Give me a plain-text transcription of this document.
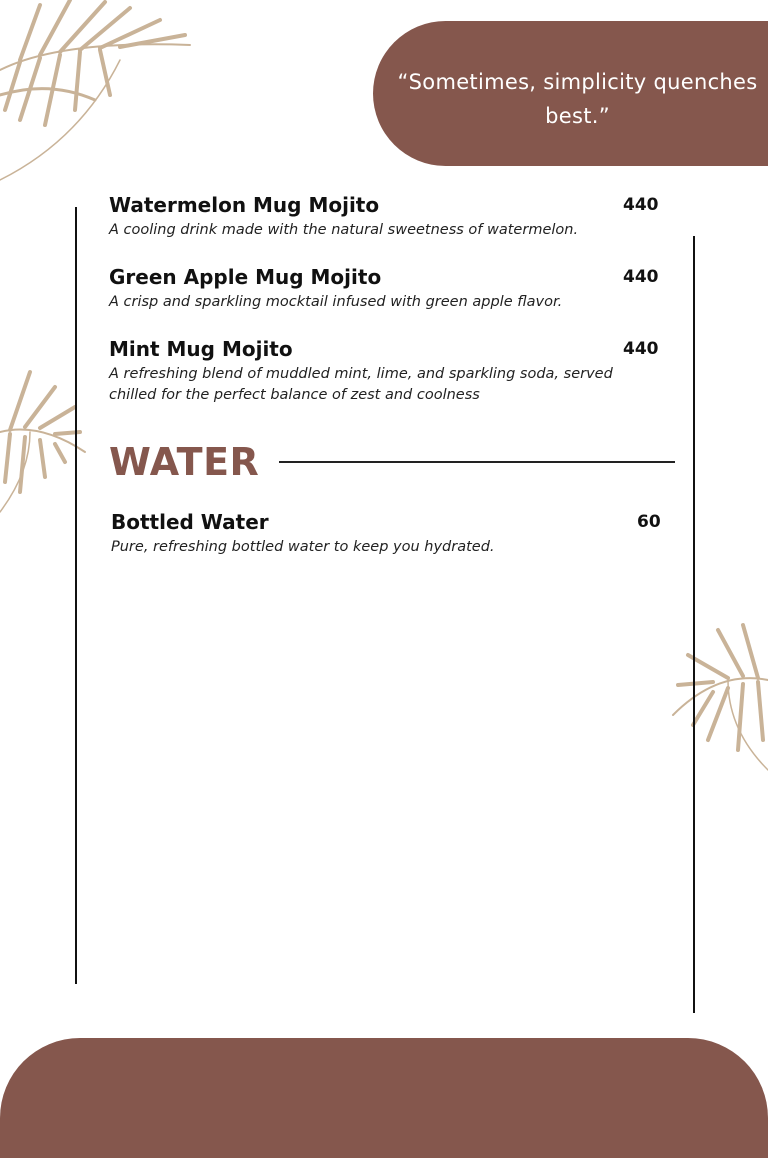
“Sometimes, simplicity quenches best.”
Watermelon Mug Mojito	440
A cooling drink made with the natural sweetness of watermelon.
Green Apple Mug Mojito	440
A crisp and sparkling mocktail infused with green apple flavor.
Mint Mug Mojito	440
A refreshing blend of muddled mint, lime, and sparkling soda, served chilled for the perfect balance of zest and coolness
WATER
Bottled Water	60
Pure, refreshing bottled water to keep you hydrated.
